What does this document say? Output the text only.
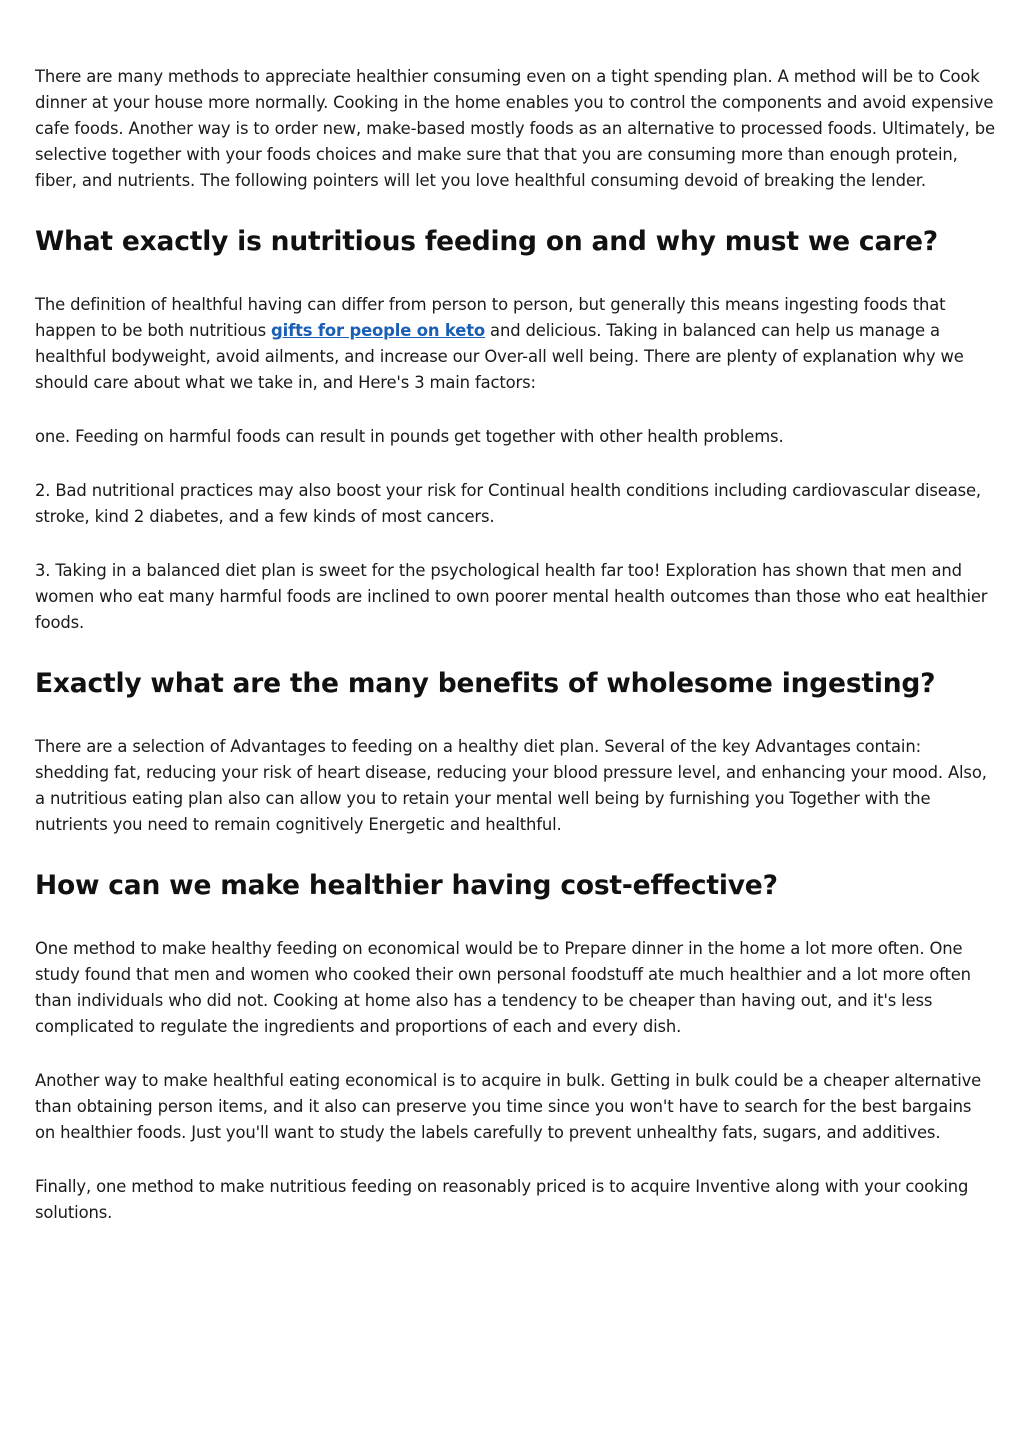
There are many methods to appreciate healthier consuming even on a tight spending plan. A method will be to Cook dinner at your house more normally. Cooking in the home enables you to control the components and avoid expensive cafe foods. Another way is to order new, make-based mostly foods as an alternative to processed foods. Ultimately, be selective together with your foods choices and make sure that that you are consuming more than enough protein, fiber, and nutrients. The following pointers will let you love healthful consuming devoid of breaking the lender.

What exactly is nutritious feeding on and why must we care?

The definition of healthful having can differ from person to person, but generally this means ingesting foods that happen to be both nutritious gifts for people on keto and delicious. Taking in balanced can help us manage a healthful bodyweight, avoid ailments, and increase our Over-all well being. There are plenty of explanation why we should care about what we take in, and Here's 3 main factors:

one. Feeding on harmful foods can result in pounds get together with other health problems.

2. Bad nutritional practices may also boost your risk for Continual health conditions including cardiovascular disease, stroke, kind 2 diabetes, and a few kinds of most cancers.

3. Taking in a balanced diet plan is sweet for the psychological health far too! Exploration has shown that men and women who eat many harmful foods are inclined to own poorer mental health outcomes than those who eat healthier foods.

Exactly what are the many benefits of wholesome ingesting?

There are a selection of Advantages to feeding on a healthy diet plan. Several of the key Advantages contain: shedding fat, reducing your risk of heart disease, reducing your blood pressure level, and enhancing your mood. Also, a nutritious eating plan also can allow you to retain your mental well being by furnishing you Together with the nutrients you need to remain cognitively Energetic and healthful.

How can we make healthier having cost-effective?

One method to make healthy feeding on economical would be to Prepare dinner in the home a lot more often. One study found that men and women who cooked their own personal foodstuff ate much healthier and a lot more often than individuals who did not. Cooking at home also has a tendency to be cheaper than having out, and it's less complicated to regulate the ingredients and proportions of each and every dish.

Another way to make healthful eating economical is to acquire in bulk. Getting in bulk could be a cheaper alternative than obtaining person items, and it also can preserve you time since you won't have to search for the best bargains on healthier foods. Just you'll want to study the labels carefully to prevent unhealthy fats, sugars, and additives.

Finally, one method to make nutritious feeding on reasonably priced is to acquire Inventive along with your cooking solutions.
